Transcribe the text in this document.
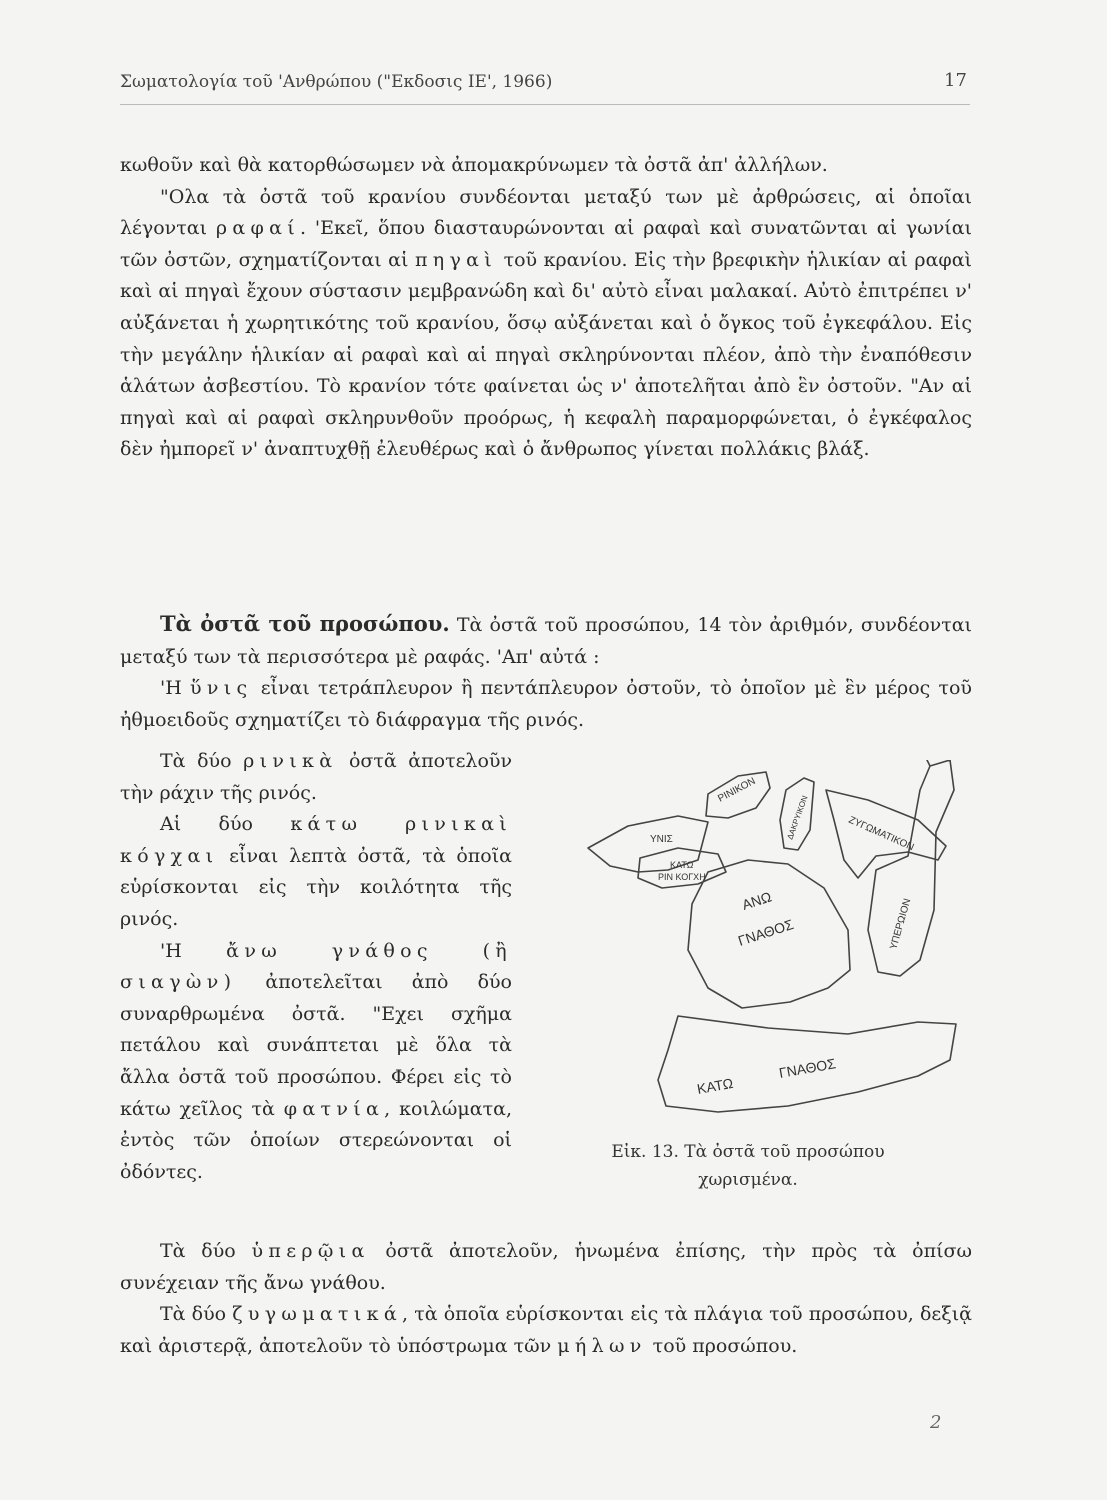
Σωματολογία τοῦ 'Ανθρώπου ("Εκδοσις ΙΕ', 1966)	17

κωθοῦν καὶ θὰ κατορθώσωμεν νὰ ἀπομακρύνωμεν τὰ ὀστᾶ ἀπ' ἀλλήλων.

"Ολα τὰ ὀστᾶ τοῦ κρανίου συνδέονται μεταξύ των μὲ ἀρθρώσεις, αἱ ὁποῖαι λέγονται ραφαί. 'Εκεῖ, ὅπου διασταυρώνονται αἱ ραφαὶ καὶ συνατῶνται αἱ γωνίαι τῶν ὀστῶν, σχηματίζονται αἱ πηγαὶ τοῦ κρανίου. Εἰς τὴν βρεφικὴν ἡλικίαν αἱ ραφαὶ καὶ αἱ πηγαὶ ἔχουν σύστασιν μεμβρανώδη καὶ δι' αὐτὸ εἶναι μαλακαί. Αὐτὸ ἐπιτρέπει ν' αὐξάνεται ἡ χωρητικότης τοῦ κρανίου, ὅσῳ αὐξάνεται καὶ ὁ ὄγκος τοῦ ἐγκεφάλου. Εἰς τὴν μεγάλην ἡλικίαν αἱ ραφαὶ καὶ αἱ πηγαὶ σκληρύνονται πλέον, ἀπὸ τὴν ἐναπόθεσιν ἁλάτων ἀσβεστίου. Τὸ κρανίον τότε φαίνεται ὡς ν' ἀποτελῆται ἀπὸ ἓν ὀστοῦν. "Αν αἱ πηγαὶ καὶ αἱ ραφαὶ σκληρυνθοῦν προόρως, ἡ κεφαλὴ παραμορφώνεται, ὁ ἐγκέφαλος δὲν ἠμπορεῖ ν' ἀναπτυχθῇ ἐλευθέρως καὶ ὁ ἄνθρωπος γίνεται πολλάκις βλάξ.

Τὰ ὀστᾶ τοῦ προσώπου. Τὰ ὀστᾶ τοῦ προσώπου, 14 τὸν ἀριθμόν, συνδέονται μεταξύ των τὰ περισσότερα μὲ ραφάς. 'Απ' αὐτά :

'Η ὕνις εἶναι τετράπλευρον ἢ πεντάπλευρον ὀστοῦν, τὸ ὁποῖον μὲ ἓν μέρος τοῦ ἠθμοειδοῦς σχηματίζει τὸ διάφραγμα τῆς ρινός.

Τὰ δύο ρινικὰ ὀστᾶ ἀποτελοῦν τὴν ράχιν τῆς ρινός.

Αἱ δύο κάτω ρινικαὶ κόγχαι εἶναι λεπτὰ ὀστᾶ, τὰ ὁποῖα εὑρίσκονται εἰς τὴν κοιλότητα τῆς ρινός.

'Η ἄνω γνάθος (ἢ σιαγὼν) ἀποτελεῖται ἀπὸ δύο συναρθρωμένα ὀστᾶ. "Εχει σχῆμα πετάλου καὶ συνάπτεται μὲ ὅλα τὰ ἄλλα ὀστᾶ τοῦ προσώπου. Φέρει εἰς τὸ κάτω χεῖλος τὰ φατνία, κοιλώματα, ἐντὸς τῶν ὁποίων στερεώνονται οἱ ὀδόντες.

ΥΝΙΣ
ΡΙΝΙΚΟΝ
ΔΑΚΡΥΙΚΟΝ	ΖΥΓΩΜΑΤΙΚΟΝ
ΚΑΤΩ
ΡΙΝ ΚΟΓΧΗ
ΑΝΩ
ΓΝΑΘΟΣ	ΥΠΕΡΩΙΟΝ
ΚΑΤΩ
ΓΝΑΘΟΣ
Εἰκ. 13. Τὰ ὀστᾶ τοῦ προσώπου
χωρισμένα.

Τὰ δύο ὑπερῷια ὀστᾶ ἀποτελοῦν, ἡνωμένα ἐπίσης, τὴν πρὸς τὰ ὀπίσω συνέχειαν τῆς ἄνω γνάθου.

Τὰ δύο ζυγωματικά, τὰ ὁποῖα εὑρίσκονται εἰς τὰ πλάγια τοῦ προσώπου, δεξιᾷ καὶ ἀριστερᾷ, ἀποτελοῦν τὸ ὑπόστρωμα τῶν μήλων τοῦ προσώπου.

2
